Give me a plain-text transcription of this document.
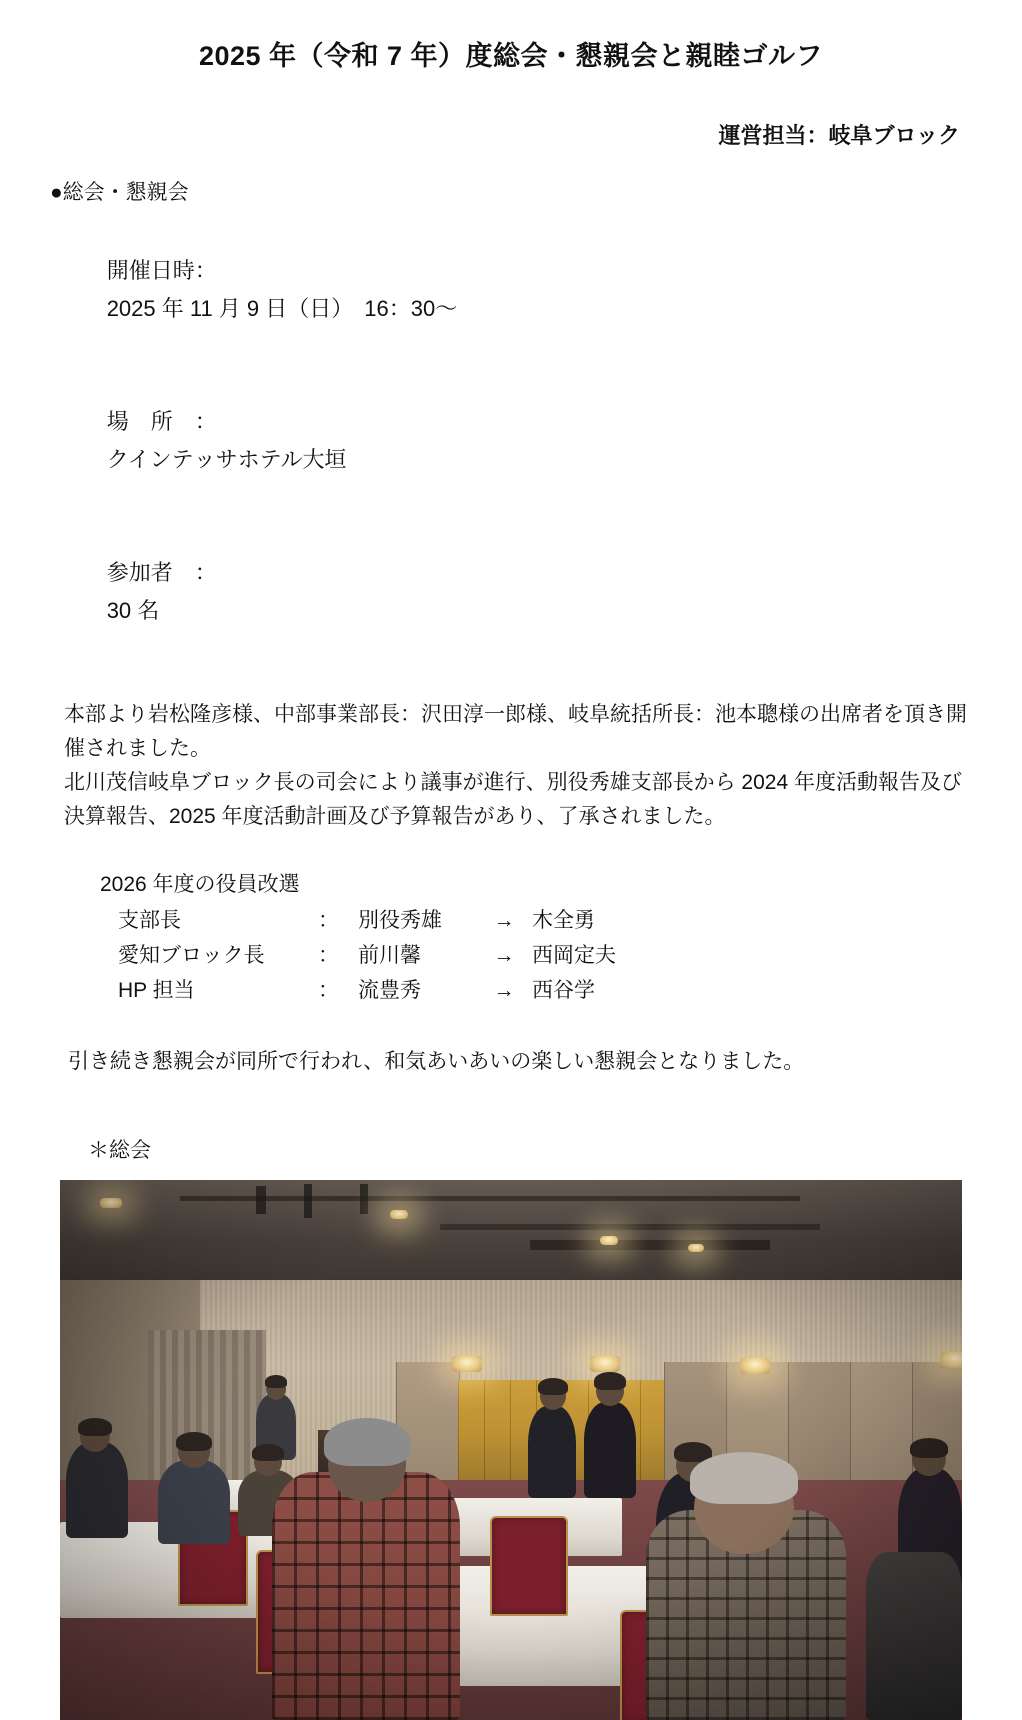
2025 年（令和 7 年）度総会・懇親会と親睦ゴルフ
運営担当：岐阜ブロック
●総会・懇親会

開催日時：
2025 年 11 月 9 日（日）　16：30〜

場　所　：
クインテッサホテル大垣

参加者　：
30 名

本部より岩松隆彦様、中部事業部長：沢田淳一郎様、岐阜統括所長：池本聰様の出席者を頂き開催されました。

北川茂信岐阜ブロック長の司会により議事が進行、別役秀雄支部長から 2024 年度活動報告及び決算報告、2025 年度活動計画及び予算報告があり、了承されました。

2026 年度の役員改選
支部長	： 別役秀雄	→ 木全勇
愛知ブロック長	： 前川馨	→ 西岡定夫
HP 担当	： 流豊秀	→ 西谷学
引き続き懇親会が同所で行われ、和気あいあいの楽しい懇親会となりました。
＊総会
